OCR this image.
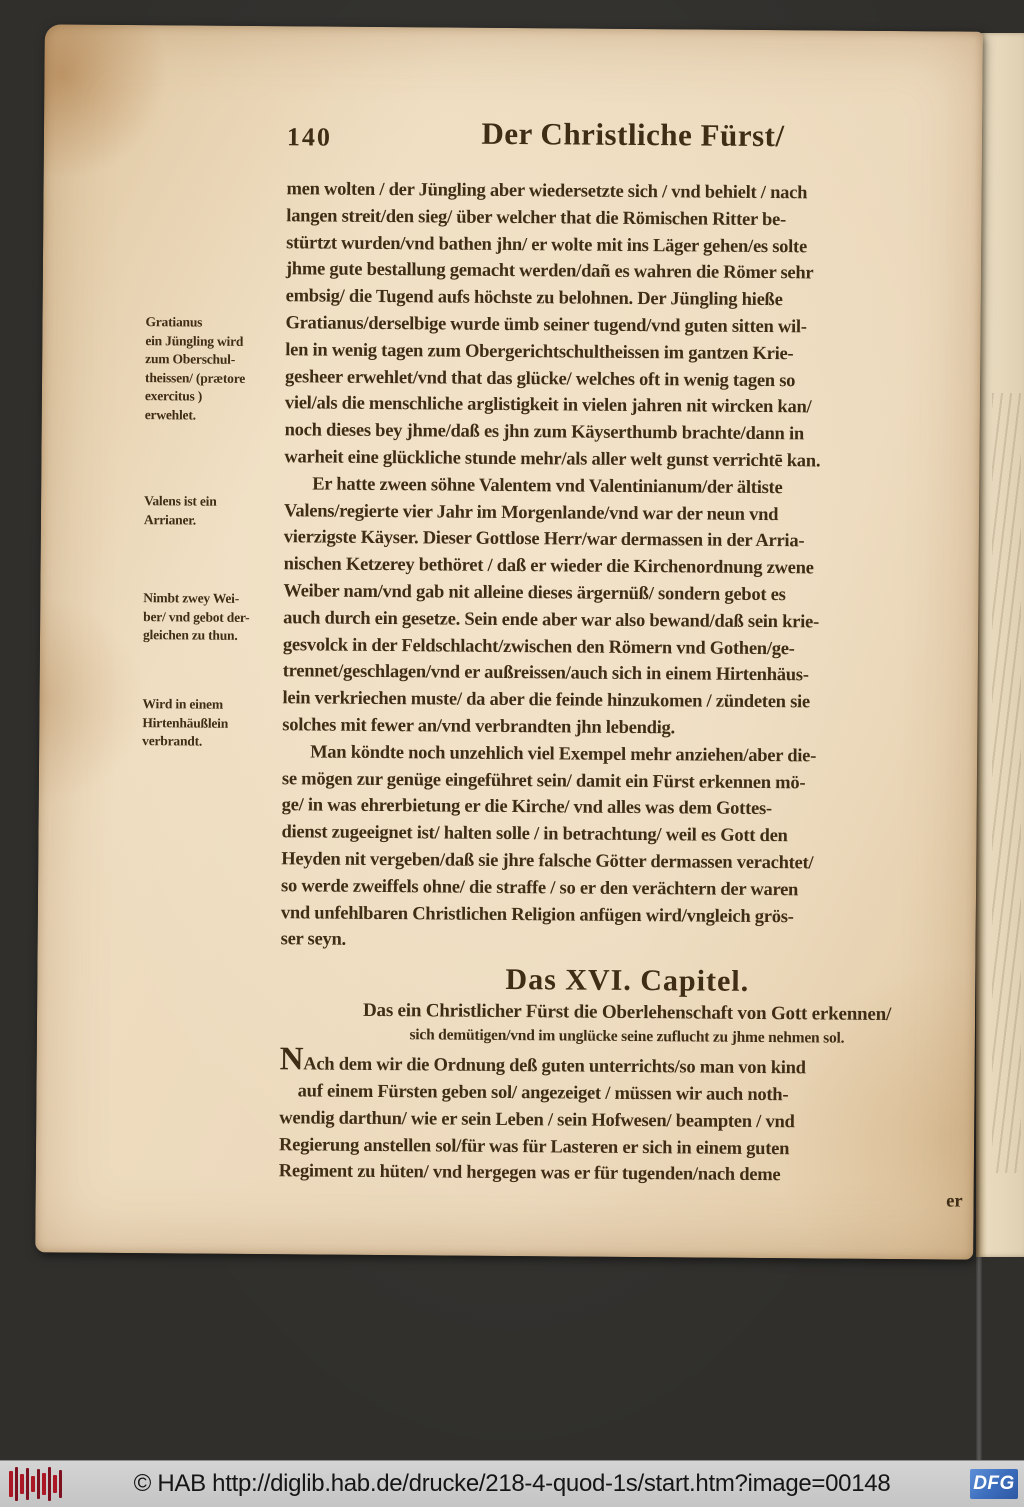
140	Der Christliche Fürst/
Gratianus
ein Jüngling wird
zum Oberschul-
theissen/ (prætore
exercitus )
erwehlet.
Valens ist ein
Arrianer.
Nimbt zwey Wei-
ber/ vnd gebot der-
gleichen zu thun.
Wird in einem
Hirtenhäußlein
verbrandt.

men wolten / der Jüngling aber wiedersetzte sich / vnd behielt / nach
langen streit/den sieg/ über welcher that die Römischen Ritter be-
stürtzt wurden/vnd bathen jhn/ er wolte mit ins Läger gehen/es solte
jhme gute bestallung gemacht werden/dañ es wahren die Römer sehr
embsig/ die Tugend aufs höchste zu belohnen. Der Jüngling hieße
Gratianus/derselbige wurde ümb seiner tugend/vnd guten sitten wil-
len in wenig tagen zum Obergerichtschultheissen im gantzen Krie-
gesheer erwehlet/vnd that das glücke/ welches oft in wenig tagen so
viel/als die menschliche arglistigkeit in vielen jahren nit wircken kan/
noch dieses bey jhme/daß es jhn zum Käyserthumb brachte/dann in
warheit eine glückliche stunde mehr/als aller welt gunst verrichtē kan.

Er hatte zween söhne Valentem vnd Valentinianum/der ältiste
Valens/regierte vier Jahr im Morgenlande/vnd war der neun vnd
vierzigste Käyser. Dieser Gottlose Herr/war dermassen in der Arria-
nischen Ketzerey bethöret / daß er wieder die Kirchenordnung zwene
Weiber nam/vnd gab nit alleine dieses ärgernüß/ sondern gebot es
auch durch ein gesetze. Sein ende aber war also bewand/daß sein krie-
gesvolck in der Feldschlacht/zwischen den Römern vnd Gothen/ge-
trennet/geschlagen/vnd er außreissen/auch sich in einem Hirtenhäus-
lein verkriechen muste/ da aber die feinde hinzukomen / zündeten sie
solches mit fewer an/vnd verbrandten jhn lebendig.

Man köndte noch unzehlich viel Exempel mehr anziehen/aber die-
se mögen zur genüge eingeführet sein/ damit ein Fürst erkennen mö-
ge/ in was ehrerbietung er die Kirche/ vnd alles was dem Gottes-
dienst zugeeignet ist/ halten solle / in betrachtung/ weil es Gott den
Heyden nit vergeben/daß sie jhre falsche Götter dermassen verachtet/
so werde zweiffels ohne/ die straffe / so er den verächtern der waren
vnd unfehlbaren Christlichen Religion anfügen wird/vngleich grös-
ser seyn.

Das XVI. Capitel.

Das ein Christlicher Fürst die Oberlehenschaft von Gott erkennen/

sich demütigen/vnd im unglücke seine zuflucht zu jhme nehmen sol.

NAch dem wir die Ordnung deß guten unterrichts/so man von kind
 auf einem Fürsten geben sol/ angezeiget / müssen wir auch noth-
wendig darthun/ wie er sein Leben / sein Hofwesen/ beampten / vnd
Regierung anstellen sol/für was für Lasteren er sich in einem guten
Regiment zu hüten/ vnd hergegen was er für tugenden/nach deme

er
© HAB http://diglib.hab.de/drucke/218-4-quod-1s/start.htm?image=00148	DFG
